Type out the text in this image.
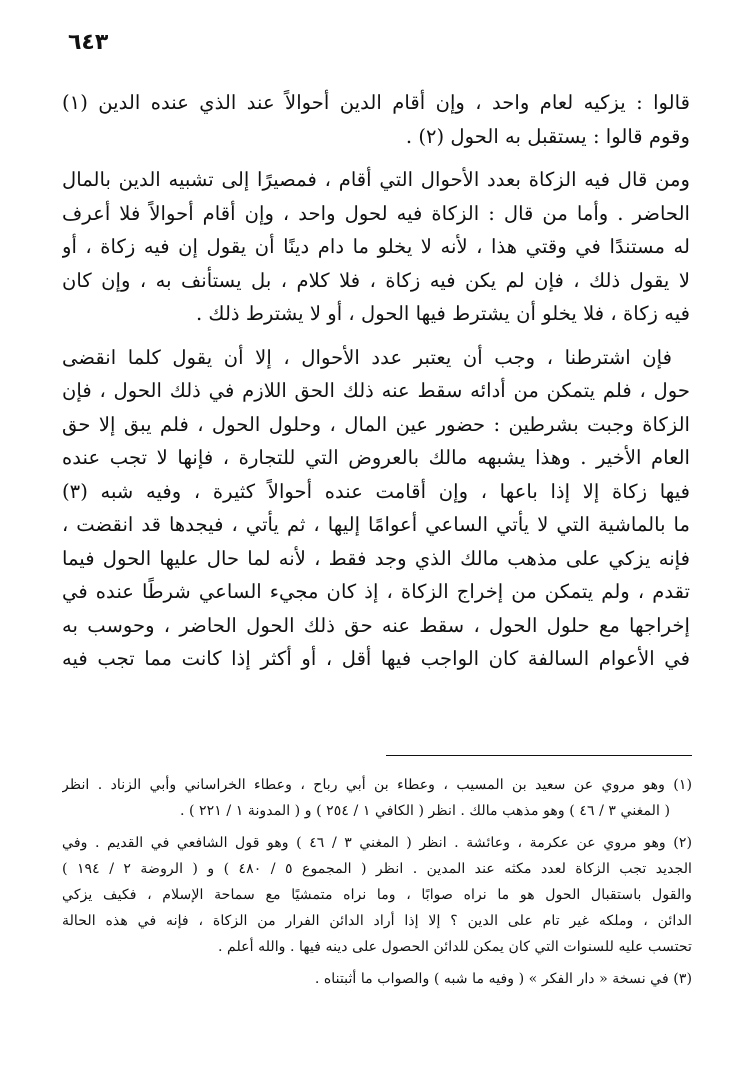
٦٤٣
قالوا : يزكيه لعام واحد ، وإن أقام الدين أحوالاً عند الذي عنده الدين (١)
وقوم قالوا : يستقبل به الحول (٢) .
ومن قال فيه الزكاة بعدد الأحوال التي أقام ، فمصيرًا إلى تشبيه الدين بالمال
الحاضر . وأما من قال : الزكاة فيه لحول واحد ، وإن أقام أحوالاً فلا أعرف
له مستندًا في وقتي هذا ، لأنه لا يخلو ما دام دينًا أن يقول إن فيه زكاة ، أو
لا يقول ذلك ، فإن لم يكن فيه زكاة ، فلا كلام ، بل يستأنف به ، وإن كان
فيه زكاة ، فلا يخلو أن يشترط فيها الحول ، أو لا يشترط ذلك .
فإن اشترطنا ، وجب أن يعتبر عدد الأحوال ، إلا أن يقول كلما انقضى
حول ، فلم يتمكن من أدائه سقط عنه ذلك الحق اللازم في ذلك الحول ، فإن
الزكاة وجبت بشرطين : حضور عين المال ، وحلول الحول ، فلم يبق إلا حق
العام الأخير . وهذا يشبهه مالك بالعروض التي للتجارة ، فإنها لا تجب عنده
فيها زكاة إلا إذا باعها ، وإن أقامت عنده أحوالاً كثيرة ، وفيه شبه (٣)
ما بالماشية التي لا يأتي الساعي أعوامًا إليها ، ثم يأتي ، فيجدها قد انقضت ،
فإنه يزكي على مذهب مالك الذي وجد فقط ، لأنه لما حال عليها الحول فيما
تقدم ، ولم يتمكن من إخراج الزكاة ، إذ كان مجيء الساعي شرطًا عنده في
إخراجها مع حلول الحول ، سقط عنه حق ذلك الحول الحاضر ، وحوسب به
في الأعوام السالفة كان الواجب فيها أقل ، أو أكثر إذا كانت مما تجب فيه
(١) وهو مروي عن سعيد بن المسيب ، وعطاء بن أبي رباح ، وعطاء الخراساني وأبي الزناد . انظر
( المغني ٣ / ٤٦ ) وهو مذهب مالك . انظر ( الكافي ١ / ٢٥٤ ) و ( المدونة ١ / ٢٢١ ) .
(٢) وهو مروي عن عكرمة ، وعائشة . انظر ( المغني ٣ / ٤٦ ) وهو قول الشافعي في القديم . وفي
الجديد تجب الزكاة لعدد مكثه عند المدين . انظر ( المجموع ٥ / ٤٨٠ ) و ( الروضة ٢ / ١٩٤ )
والقول باستقبال الحول هو ما نراه صوابًا ، وما نراه متمشيًا مع سماحة الإسلام ، فكيف يزكي
الدائن ، وملكه غير تام على الدين ؟ إلا إذا أراد الدائن الفرار من الزكاة ، فإنه في هذه الحالة
تحتسب عليه للسنوات التي كان يمكن للدائن الحصول على دينه فيها . والله أعلم .
(٣) في نسخة « دار الفكر » ( وفيه ما شبه ) والصواب ما أثبتناه .
